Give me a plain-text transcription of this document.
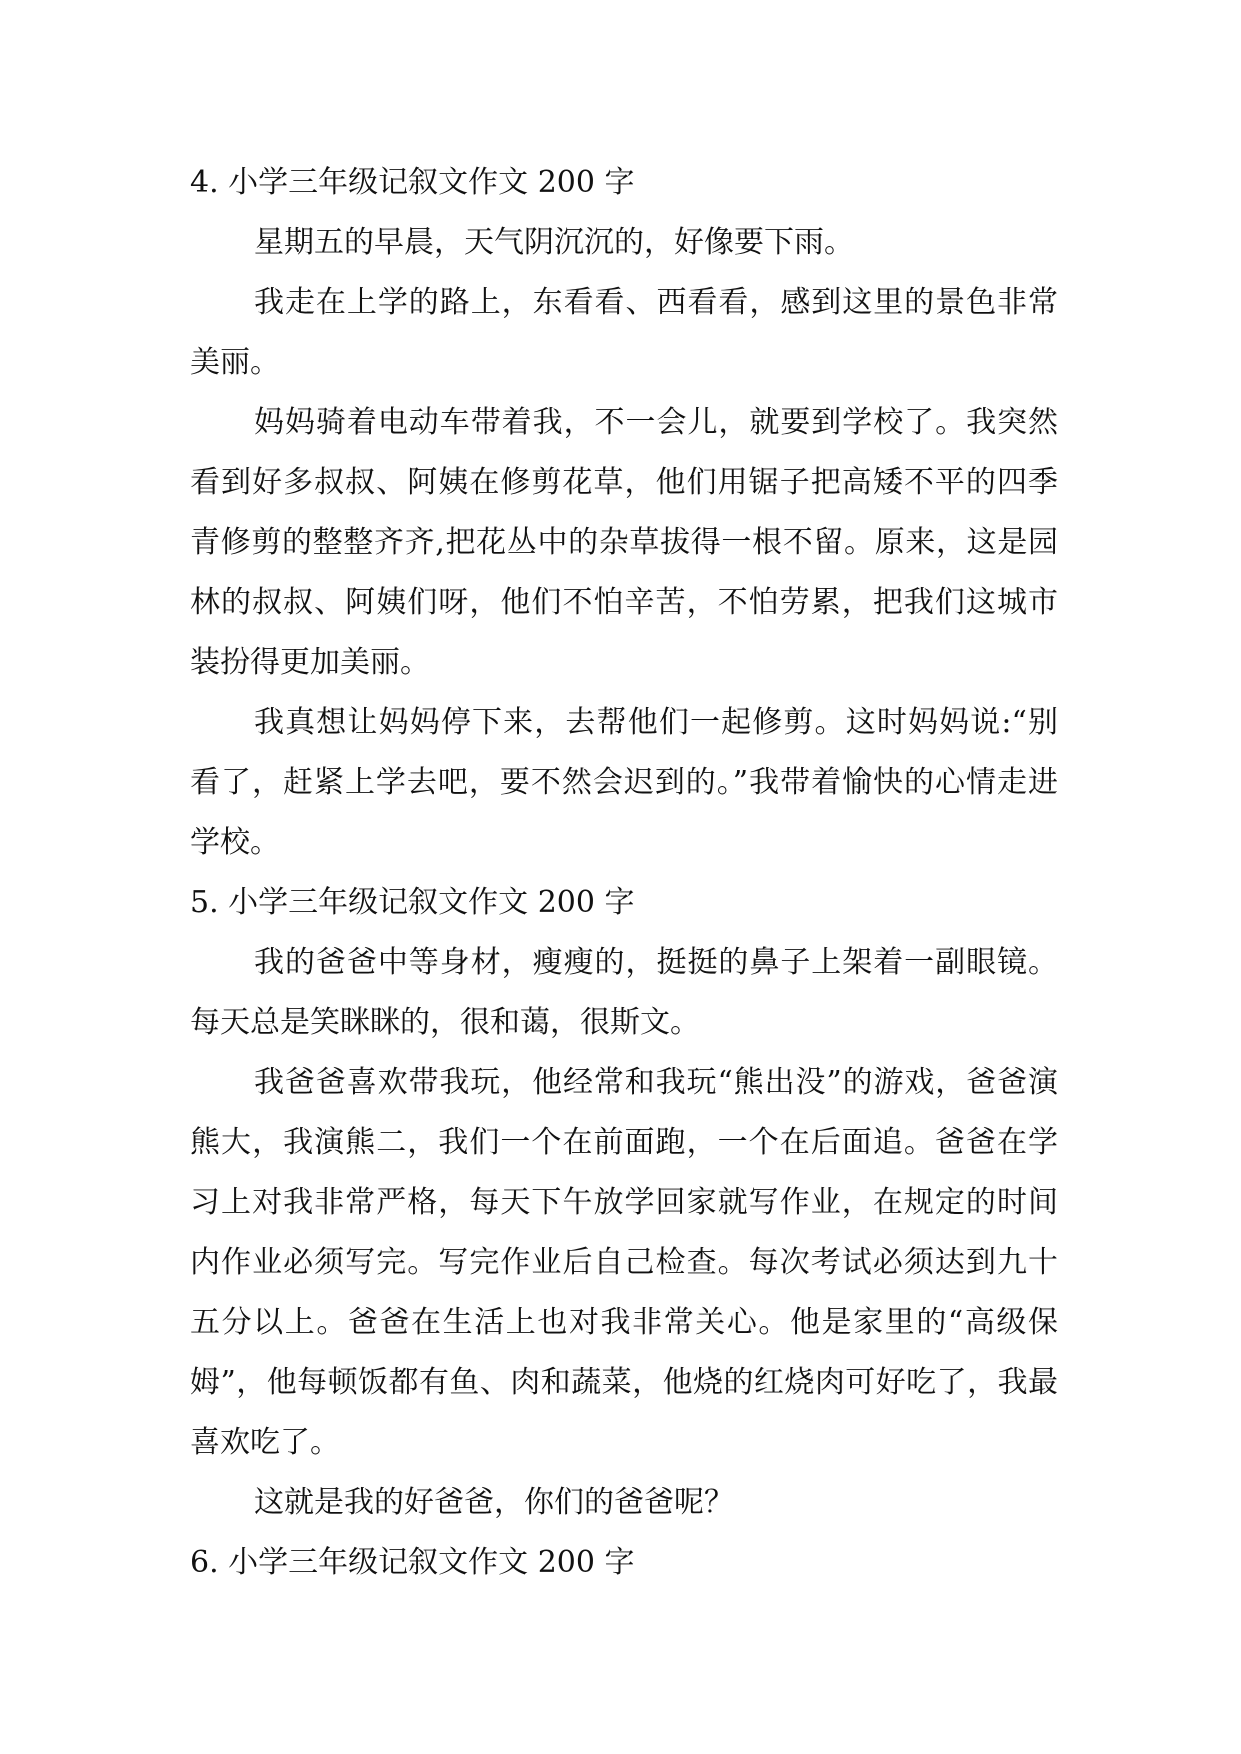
4. 小学三年级记叙文作文 200 字

星期五的早晨，天气阴沉沉的，好像要下雨。

我走在上学的路上，东看看、西看看，感到这里的景色非常美丽。

妈妈骑着电动车带着我，不一会儿，就要到学校了。我突然看到好多叔叔、阿姨在修剪花草，他们用锯子把高矮不平的四季青修剪的整整齐齐,把花丛中的杂草拔得一根不留。原来，这是园林的叔叔、阿姨们呀，他们不怕辛苦，不怕劳累，把我们这城市装扮得更加美丽。

我真想让妈妈停下来，去帮他们一起修剪。这时妈妈说:“别看了，赶紧上学去吧，要不然会迟到的。”我带着愉快的心情走进学校。

5. 小学三年级记叙文作文 200 字

我的爸爸中等身材，瘦瘦的，挺挺的鼻子上架着一副眼镜。每天总是笑眯眯的，很和蔼，很斯文。

我爸爸喜欢带我玩，他经常和我玩“熊出没”的游戏，爸爸演熊大，我演熊二，我们一个在前面跑，一个在后面追。爸爸在学习上对我非常严格，每天下午放学回家就写作业，在规定的时间内作业必须写完。写完作业后自己检查。每次考试必须达到九十五分以上。爸爸在生活上也对我非常关心。他是家里的“高级保姆”，他每顿饭都有鱼、肉和蔬菜，他烧的红烧肉可好吃了，我最喜欢吃了。

这就是我的好爸爸，你们的爸爸呢？

6. 小学三年级记叙文作文 200 字
